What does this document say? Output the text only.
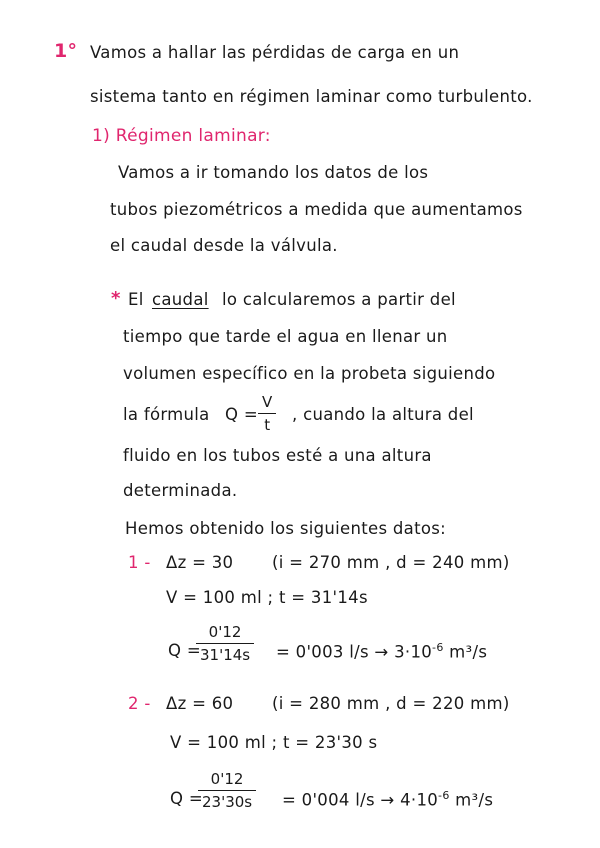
1° Vamos a hallar las pérdidas de carga en un
sistema tanto en régimen laminar como turbulento.
1) Régimen laminar:
Vamos a ir tomando los datos de los
tubos piezométricos a medida que aumentamos
el caudal desde la válvula.
* El caudal lo calcularemos a partir del
tiempo que tarde el agua en llenar un
volumen específico en la probeta siguiendo
la fórmula Q =
V
t
, cuando la altura del
fluido en los tubos esté a una altura
determinada.
Hemos obtenido los siguientes datos:
1 - Δz = 30 (i = 270 mm , d = 240 mm)
V = 100 ml ; t = 31'14s
Q =
0'12
31'14s = 0'003 $l/s \to 3\cdot 10^{-6}$ m³/s
2 - Δz = 60 (i = 280 mm , d = 220 mm)
V = 100 ml ; t = 23'30 s
Q =
0'12
23'30s = 0'004 $l/s \to 4\cdot 10^{-6}$ m³/s
